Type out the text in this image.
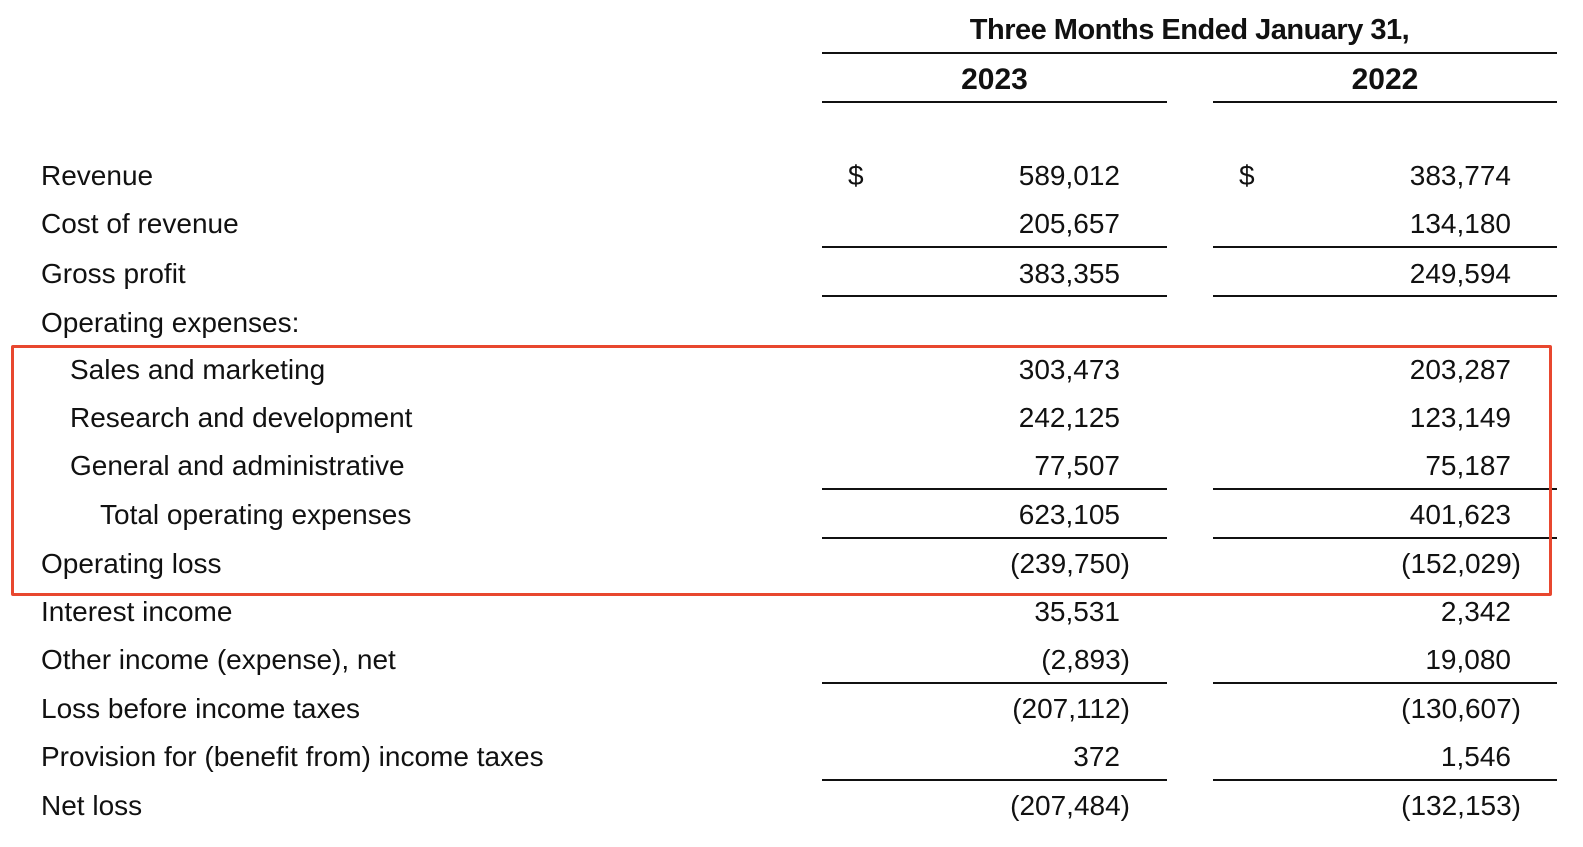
Three Months Ended January 31,
2023	2022
Revenue	$	589,012	$	383,774
Cost of revenue	205,657	134,180
Gross profit	383,355	249,594
Operating expenses:
Sales and marketing	303,473	203,287
Research and development	242,125	123,149
General and administrative	77,507	75,187
Total operating expenses	623,105	401,623
Operating loss	(239,750)	(152,029)
Interest income	35,531	2,342
Other income (expense), net	(2,893)	19,080
Loss before income taxes	(207,112)	(130,607)
Provision for (benefit from) income taxes	372	1,546
Net loss	(207,484)	(132,153)
